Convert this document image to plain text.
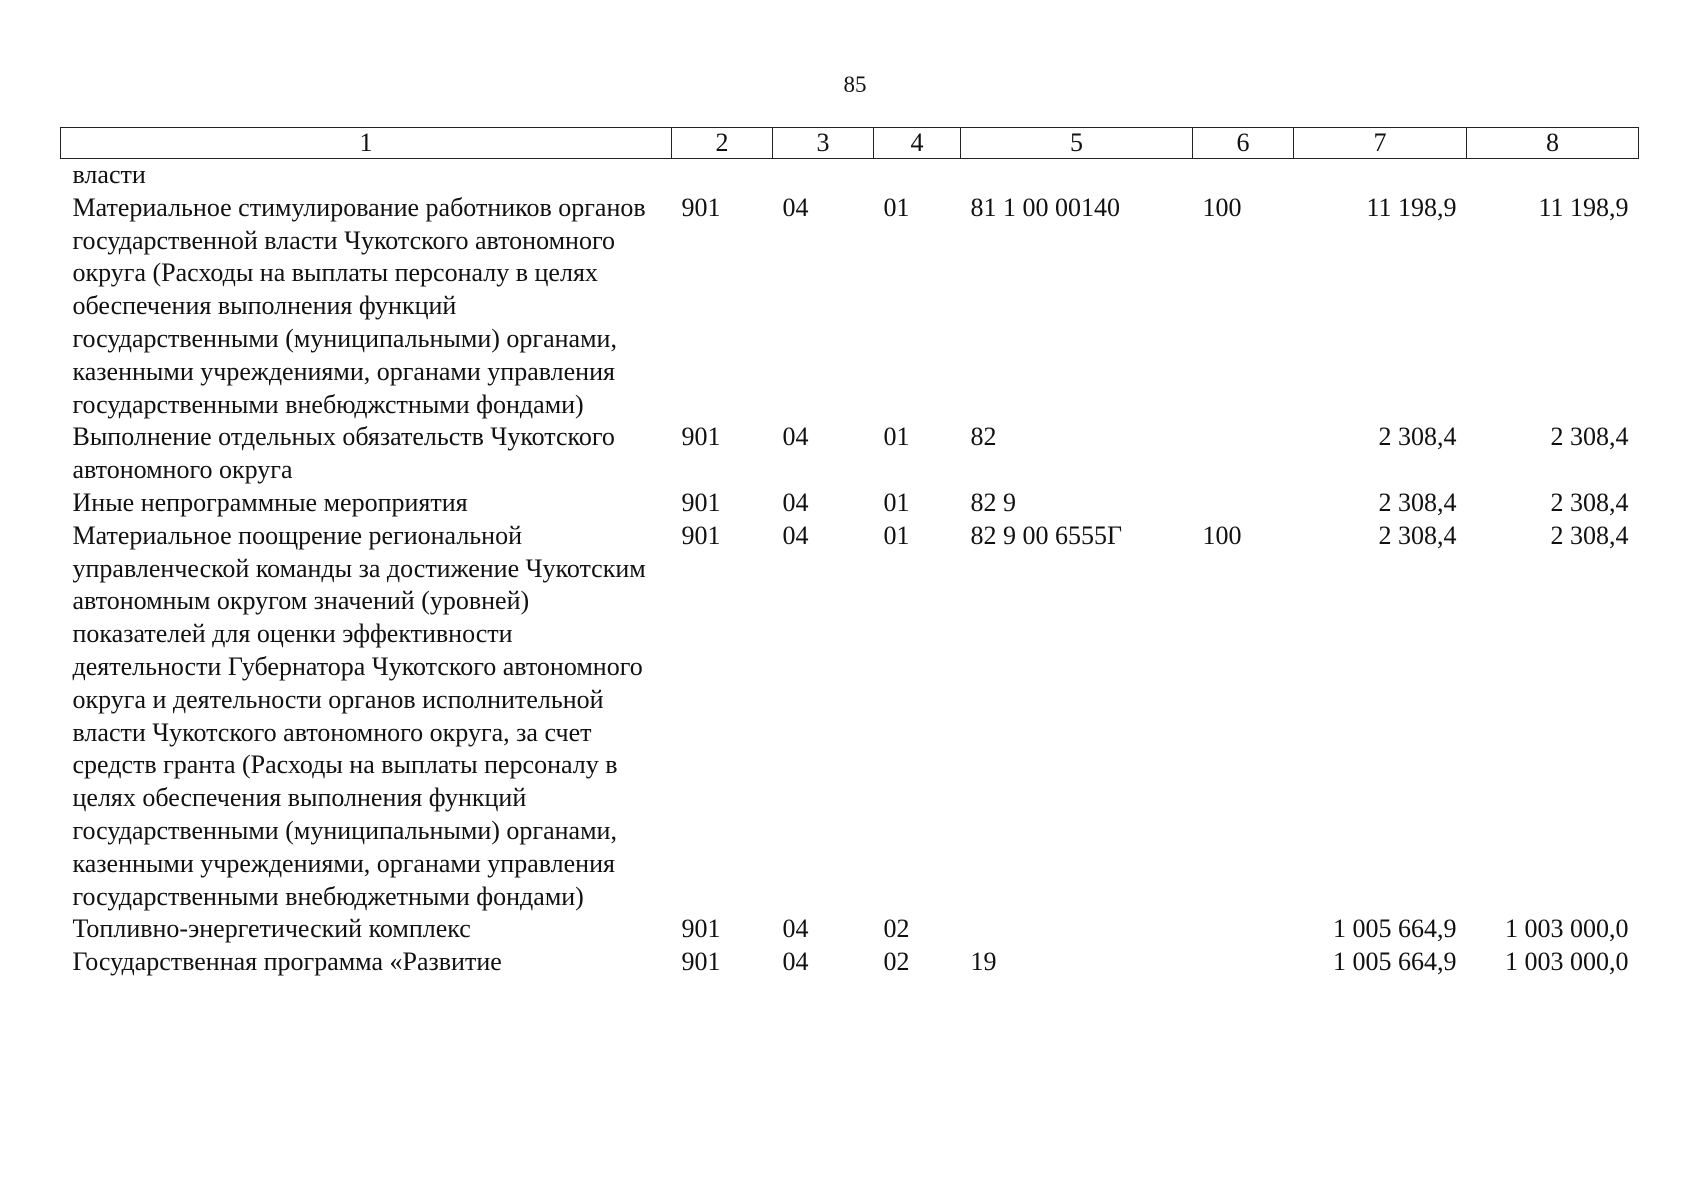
85
1	2	3	4	5	6	7	8
власти							
Материальное стимулирование работников органов государственной власти Чукотского автономного округа (Расходы на выплаты персоналу в целях обеспечения выполнения функций государственными (муниципальными) органами, казенными учреждениями, органами управления государственными внебюджстными фондами)	901	04	01	81 1 00 00140	100	11 198,9	11 198,9
Выполнение отдельных обязательств Чукотского автономного округа	901	04	01	82		2 308,4	2 308,4
Иные непрограммные мероприятия	901	04	01	82 9		2 308,4	2 308,4
Материальное поощрение региональной управленческой команды за достижение Чукотским автономным округом значений (уровней) показателей для оценки эффективности деятельности Губернатора Чукотского автономного округа и деятельности органов исполнительной власти Чукотского автономного округа, за счет средств гранта (Расходы на выплаты персоналу в целях обеспечения выполнения функций государственными (муниципальными) органами, казенными учреждениями, органами управления государственными внебюджетными фондами)	901	04	01	82 9 00 6555Г	100	2 308,4	2 308,4
Топливно-энергетический комплекс	901	04	02			1 005 664,9	1 003 000,0
Государственная программа «Развитие	901	04	02	19		1 005 664,9	1 003 000,0
